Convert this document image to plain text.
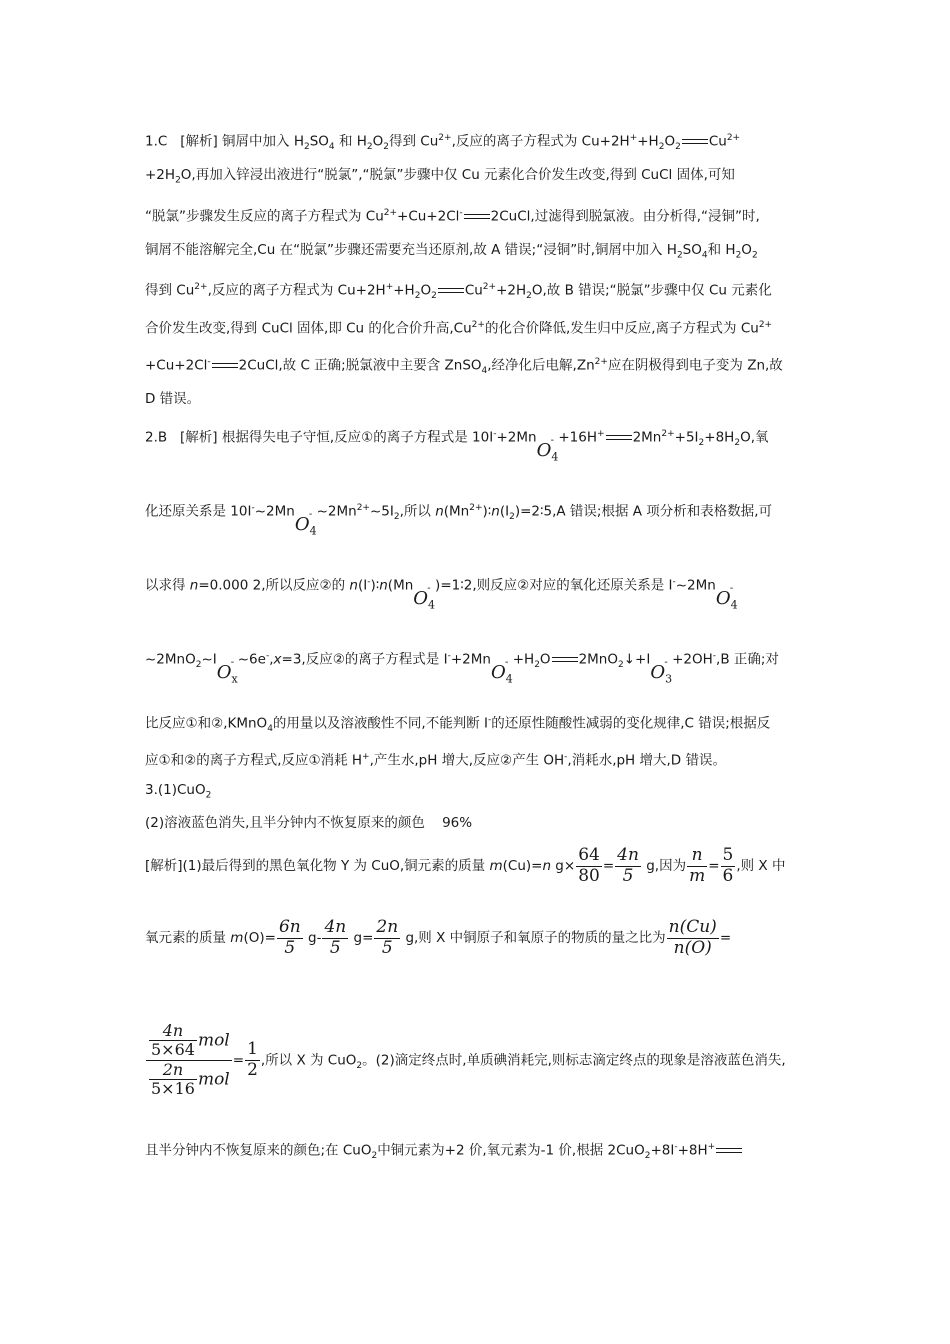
1.C [解析] 铜屑中加入 $H_2SO_4$ 和 $H_2O_2$得到 $Cu^{2+}$,反应的离子方程式为 $Cu+2H^++H_2O_2$ $Cu^{2+}$
$+2H_2O$,再加入锌浸出液进行“脱氯”,“脱氯”步骤中仅 Cu 元素化合价发生改变,得到 CuCl 固体,可知
“脱氯”步骤发生反应的离子方程式为 $Cu^{2+}+Cu+2Cl^-$ 2CuCl,过滤得到脱氯液。由分析得,“浸铜”时,
铜屑不能溶解完全,Cu 在“脱氯”步骤还需要充当还原剂,故 A 错误;“浸铜”时,铜屑中加入 $H_2SO_4$和 $H_2O_2$
得到 $Cu^{2+}$,反应的离子方程式为 $Cu+2H^++H_2O_2$ $Cu^{2+}+2H_2O$,故 B 错误;“脱氯”步骤中仅 Cu 元素化
合价发生改变,得到 CuCl 固体,即 Cu 的化合价升高$,Cu^{2+}$的化合价降低,发生归中反应,离子方程式为 $Cu^{2+}$
+Cu+2Cl- 2CuCl,故 C 正确;脱氯液中主要含 ZnSO$_4$,经净化后电解$,Zn^{2+}$应在阴极得到电子变为 Zn,故
D 错误。
2.B [解析] 根据得失电子守恒,反应①的离子方程式是 10I-+2MnO$_4$
- +16H+ $2Mn^{2+}+5I_2+8H_2O$,氧
化还原关系是 10I-~2MnO$_4$
- $\sim 2Mn^{2+}\sim 5I_2$,所以 $n(Mn^{2+})∶n(I_2)=2∶5,A$ 错误;根据 A 项分析和表格数据,可
以求得 n=0.000 2,所以反应②的 n(I-)∶n(MnO$_4$
- )=1∶2,则反应②对应的氧化还原关系是 I-~2MnO$_4$
-
$\sim 2MnO_2\sim IO_x$
- ~6e-,x=3,反应②的离子方程式是 I-+2MnO$_4$
- $+H_2O$ $2MnO_2↓+IO_3$
- +2OH-,B 正确;对
比反应①和②,KMnO$_4$的用量以及溶液酸性不同,不能判断 I-的还原性随酸性减弱的变化规律,C 错误;根据反
应①和②的离子方程式,反应①消耗 H+,产生水,pH 增大,反应②产生 OH-,消耗水,pH 增大,D 错误。
3.(1)CuO$_2$
(2)溶液蓝色消失,且半分钟内不恢复原来的颜色 96%
[解析](1)最后得到的黑色氧化物 Y 为 CuO,铜元素的质量 m(Cu)=n $g\times \frac{64}{80} = \frac{4n}{5} g$,因为 $\frac{n}{m} = \frac{5}{6}$ ,则 X 中
氧元素的质量 $m(O)= \frac{6n}{5} g- \frac{4n}{5} g= \frac{2n}{5} g$,则 X 中铜原子和氧原子的物质的量之比为 $\frac{n(Cu)}{n(O)}$ =
$\frac{\frac{4n}{5\times 64} mol}{\frac{2n}{5\times 16} mol} = \frac{1}{2}$ ,所以 X 为 CuO$_2$。(2)滴定终点时,单质碘消耗完,则标志滴定终点的现象是溶液蓝色消失,
且半分钟内不恢复原来的颜色;在 CuO$_2$中铜元素为+2 价,氧元素为-1 价,根据 2CuO$_2$+8I-+8H+
